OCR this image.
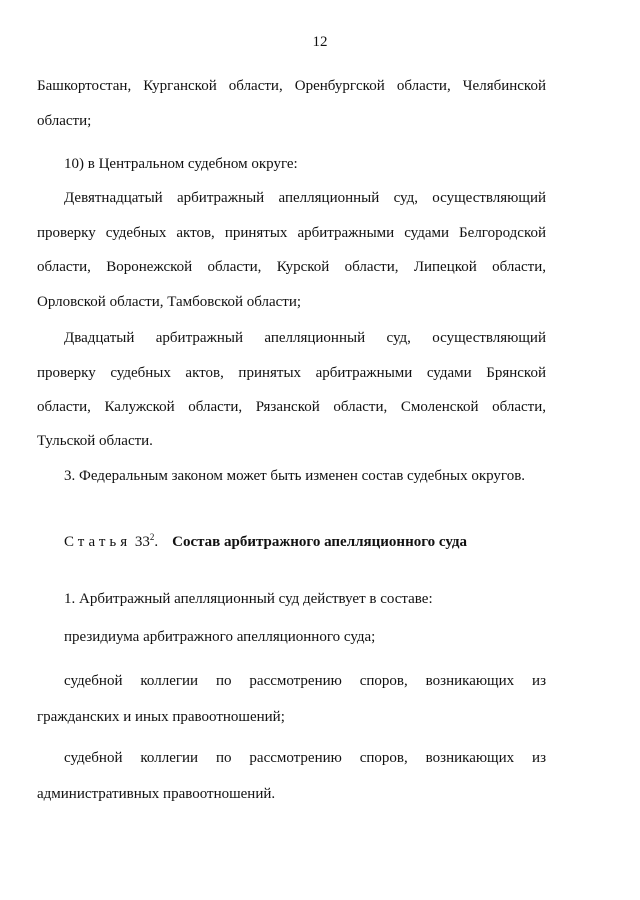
12
Башкортостан, Курганской области, Оренбургской области, Челябинской
области;
10) в Центральном судебном округе:
Девятнадцатый арбитражный апелляционный суд, осуществляющий
проверку судебных актов, принятых арбитражными судами Белгородской
области, Воронежской области, Курской области, Липецкой области,
Орловской области, Тамбовской области;
Двадцатый арбитражный апелляционный суд, осуществляющий
проверку судебных актов, принятых арбитражными судами Брянской
области, Калужской области, Рязанской области, Смоленской области,
Тульской области.
3. Федеральным законом может быть изменен состав судебных округов.
Статья $33^2$. Состав арбитражного апелляционного суда
1. Арбитражный апелляционный суд действует в составе:
президиума арбитражного апелляционного суда;
судебной коллегии по рассмотрению споров, возникающих из
гражданских и иных правоотношений;
судебной коллегии по рассмотрению споров, возникающих из
административных правоотношений.
